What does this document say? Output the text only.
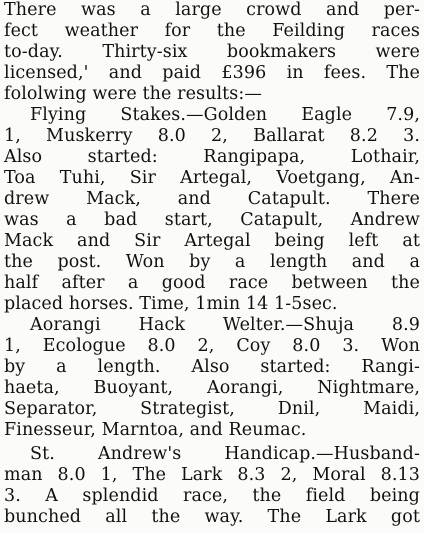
There was a large crowd and per-
fect weather for the Feilding races
to-day. Thirty-six bookmakers were
licensed,' and paid £396 in fees. The
fololwing were the results:—
Flying Stakes.—Golden Eagle 7.9,
1, Muskerry 8.0 2, Ballarat 8.2 3.
Also started: Rangipapa, Lothair,
Toa Tuhi, Sir Artegal, Voetgang, An-
drew Mack, and Catapult. There
was a bad start, Catapult, Andrew
Mack and Sir Artegal being left at
the post. Won by a length and a
half after a good race between the
placed horses. Time, 1min 14 1-5sec.
Aorangi Hack Welter.—Shuja 8.9
1, Ecologue 8.0 2, Coy 8.0 3. Won
by a length. Also started: Rangi-
haeta, Buoyant, Aorangi, Nightmare,
Separator, Strategist, Dnil, Maidi,
Finesseur, Marntoa, and Reumac.
St. Andrew's Handicap.—Husband-
man 8.0 1, The Lark 8.3 2, Moral 8.13
3. A splendid race, the field being
bunched all the way. The Lark got
